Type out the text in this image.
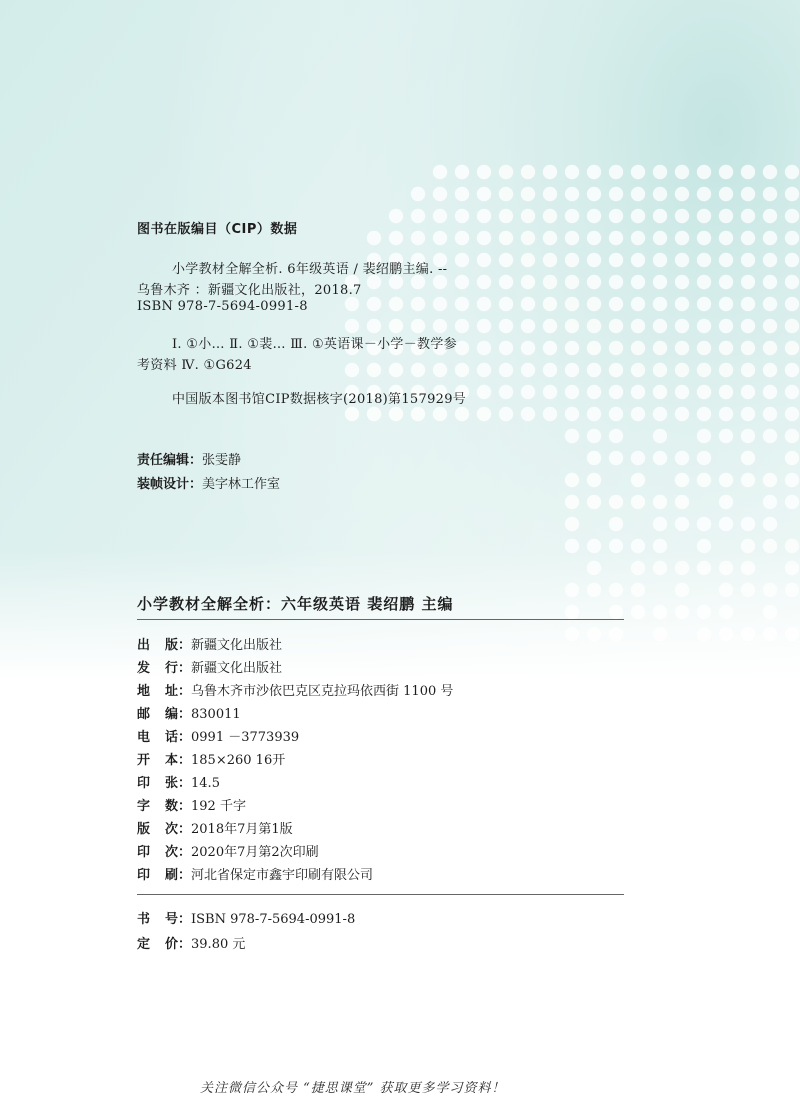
图书在版编目（CIP）数据
小学教材全解全析. 6年级英语 / 裴绍鹏主编. --
乌鲁木齐 ：新疆文化出版社，2018.7
ISBN 978-7-5694-0991-8
Ⅰ. ①小… Ⅱ. ①裴… Ⅲ. ①英语课－小学－教学参
考资料 Ⅳ. ①G624
中国版本图书馆CIP数据核字(2018)第157929号
责任编辑：张雯静
装帧设计：美字林工作室
小学教材全解全析：六年级英语 裴绍鹏 主编
出 版：新疆文化出版社
发 行：新疆文化出版社
地 址：乌鲁木齐市沙依巴克区克拉玛依西街 1100 号
邮 编：830011
电 话：0991 －3773939
开 本：185×260 16开
印 张：14.5
字 数：192 千字
版 次：2018年7月第1版
印 次：2020年7月第2次印刷
印 刷：河北省保定市鑫宇印刷有限公司
书 号：ISBN 978-7-5694-0991-8
定 价：39.80 元
关注微信公众号 “捷思课堂” 获取更多学习资料！
